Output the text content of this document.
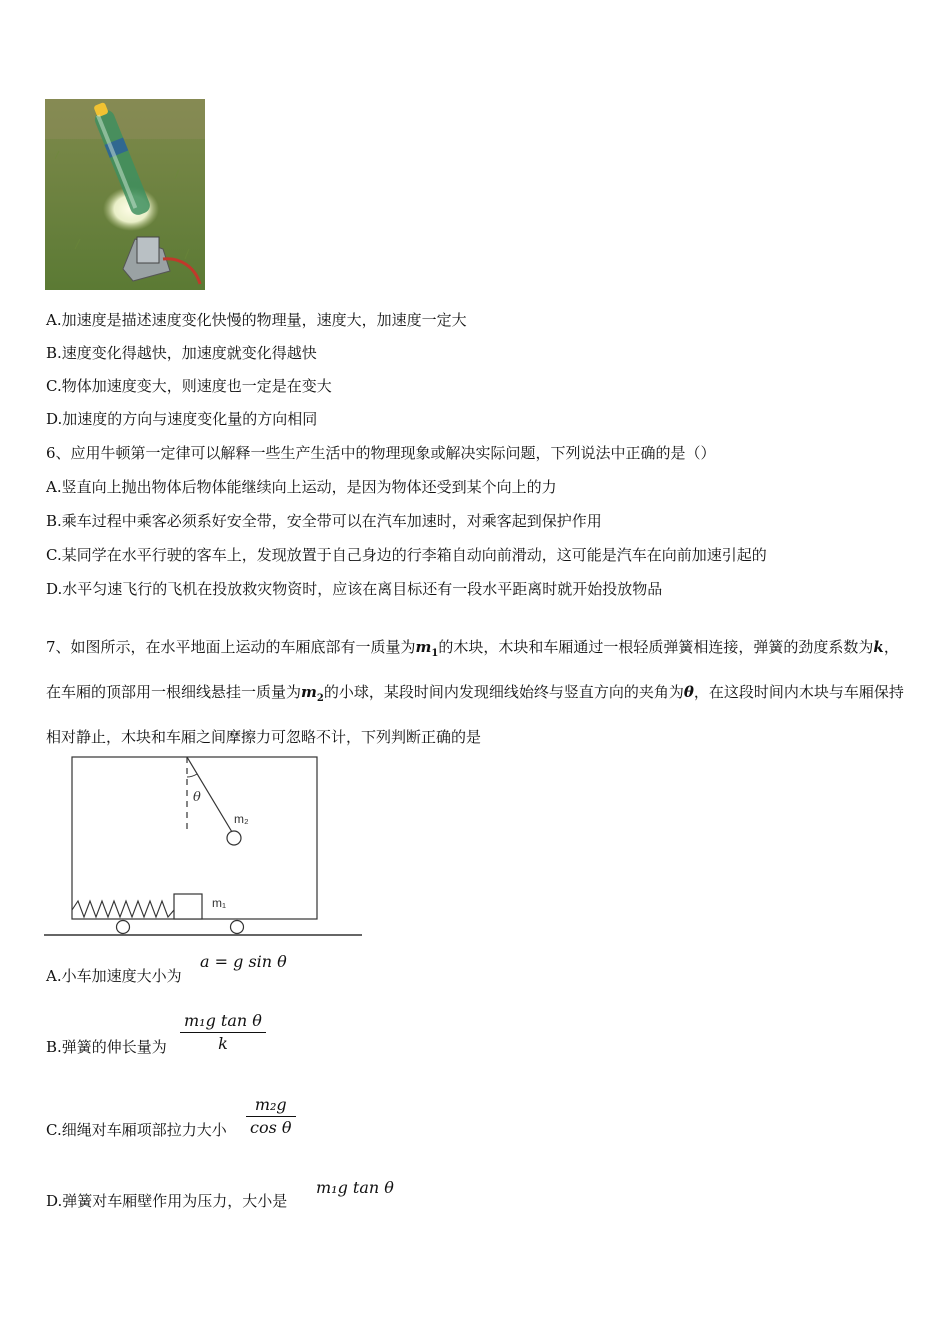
A.加速度是描述速度变化快慢的物理量，速度大，加速度一定大
B.速度变化得越快，加速度就变化得越快
C.物体加速度变大，则速度也一定是在变大
D.加速度的方向与速度变化量的方向相同
6、应用牛顿第一定律可以解释一些生产生活中的物理现象或解决实际问题，下列说法中正确的是（）
A.竖直向上抛出物体后物体能继续向上运动，是因为物体还受到某个向上的力
B.乘车过程中乘客必须系好安全带，安全带可以在汽车加速时，对乘客起到保护作用
C.某同学在水平行驶的客车上，发现放置于自己身边的行李箱自动向前滑动，这可能是汽车在向前加速引起的
D.水平匀速飞行的飞机在投放救灾物资时，应该在离目标还有一段水平距离时就开始投放物品
7、如图所示，在水平地面上运动的车厢底部有一质量为$m_1$的木块，木块和车厢通过一根轻质弹簧相连接，弹簧的劲度系数为k，在车厢的顶部用一根细线悬挂一质量为$m_2$的小球，某段时间内发现细线始终与竖直方向的夹角为θ，在这段时间内木块与车厢保持相对静止，木块和车厢之间摩擦力可忽略不计，下列判断正确的是
θ
m₂
m₁
A.小车加速度大小为
a = g sin θ
B.弹簧的伸长量为 $\frac{\text{m₁g tan θ}}{k}$
C.细绳对车厢项部拉力大小 $\frac{\text{m₂g}}{\text{cos θ}}$
D.弹簧对车厢壁作用为压力，大小是
m₁g tan θ
